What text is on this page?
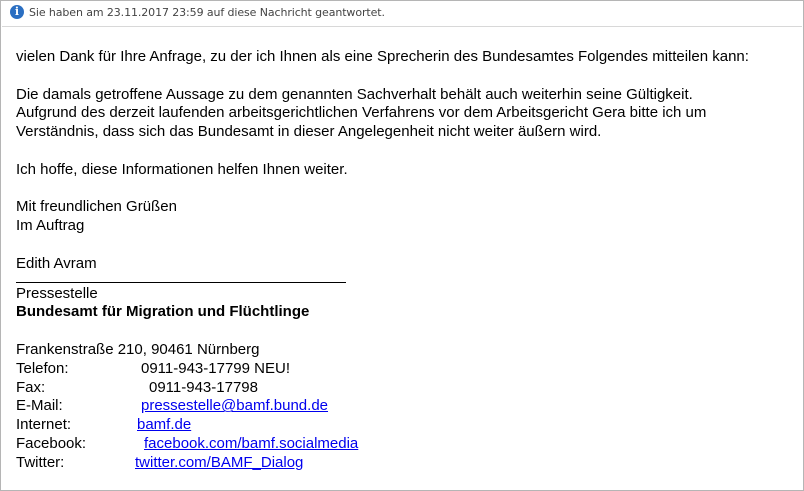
i Sie haben am 23.11.2017 23:59 auf diese Nachricht geantwortet.

vielen Dank für Ihre Anfrage, zu der ich Ihnen als eine Sprecherin des Bundesamtes Folgendes mitteilen kann:

Die damals getroffene Aussage zu dem genannten Sachverhalt behält auch weiterhin seine Gültigkeit.

Aufgrund des derzeit laufenden arbeitsgerichtlichen Verfahrens vor dem Arbeitsgericht Gera bitte ich um

Verständnis, dass sich das Bundesamt in dieser Angelegenheit nicht weiter äußern wird.

Ich hoffe, diese Informationen helfen Ihnen weiter.

Mit freundlichen Grüßen

Im Auftrag

Edith Avram

Pressestelle

Bundesamt für Migration und Flüchtlinge

Frankenstraße 210, 90461 Nürnberg

Telefon:	0911-943-17799 NEU!
Fax:	0911-943-17798
E-Mail:	pressestelle@bamf.bund.de
Internet:	bamf.de
Facebook:	facebook.com/bamf.socialmedia
Twitter:	twitter.com/BAMF_Dialog
